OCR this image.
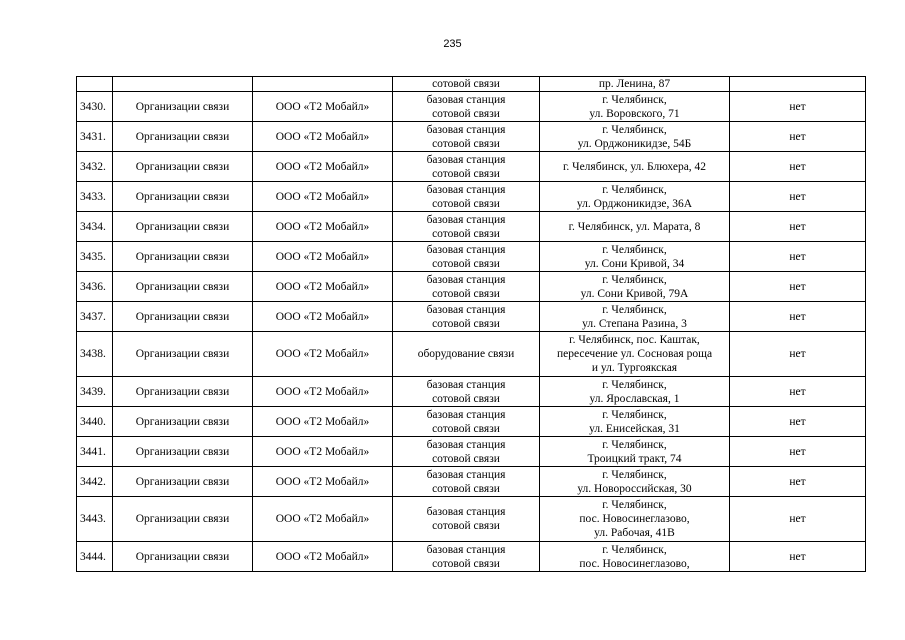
235
			сотовой связи	пр. Ленина, 87	
3430.	Организации связи	ООО «Т2 Мобайл»	базовая станция
сотовой связи	г. Челябинск,
ул. Воровского, 71	нет
3431.	Организации связи	ООО «Т2 Мобайл»	базовая станция
сотовой связи	г. Челябинск,
ул. Орджоникидзе, 54Б	нет
3432.	Организации связи	ООО «Т2 Мобайл»	базовая станция
сотовой связи	г. Челябинск, ул. Блюхера, 42	нет
3433.	Организации связи	ООО «Т2 Мобайл»	базовая станция
сотовой связи	г. Челябинск,
ул. Орджоникидзе, 36А	нет
3434.	Организации связи	ООО «Т2 Мобайл»	базовая станция
сотовой связи	г. Челябинск, ул. Марата, 8	нет
3435.	Организации связи	ООО «Т2 Мобайл»	базовая станция
сотовой связи	г. Челябинск,
ул. Сони Кривой, 34	нет
3436.	Организации связи	ООО «Т2 Мобайл»	базовая станция
сотовой связи	г. Челябинск,
ул. Сони Кривой, 79А	нет
3437.	Организации связи	ООО «Т2 Мобайл»	базовая станция
сотовой связи	г. Челябинск,
ул. Степана Разина, 3	нет
3438.	Организации связи	ООО «Т2 Мобайл»	оборудование связи	г. Челябинск, пос. Каштак,
пересечение ул. Сосновая роща
и ул. Тургоякская	нет
3439.	Организации связи	ООО «Т2 Мобайл»	базовая станция
сотовой связи	г. Челябинск,
ул. Ярославская, 1	нет
3440.	Организации связи	ООО «Т2 Мобайл»	базовая станция
сотовой связи	г. Челябинск,
ул. Енисейская, 31	нет
3441.	Организации связи	ООО «Т2 Мобайл»	базовая станция
сотовой связи	г. Челябинск,
Троицкий тракт, 74	нет
3442.	Организации связи	ООО «Т2 Мобайл»	базовая станция
сотовой связи	г. Челябинск,
ул. Новороссийская, 30	нет
3443.	Организации связи	ООО «Т2 Мобайл»	базовая станция
сотовой связи	г. Челябинск,
пос. Новосинеглазово,
ул. Рабочая, 41В	нет
3444.	Организации связи	ООО «Т2 Мобайл»	базовая станция
сотовой связи	г. Челябинск,
пос. Новосинеглазово,	нет
